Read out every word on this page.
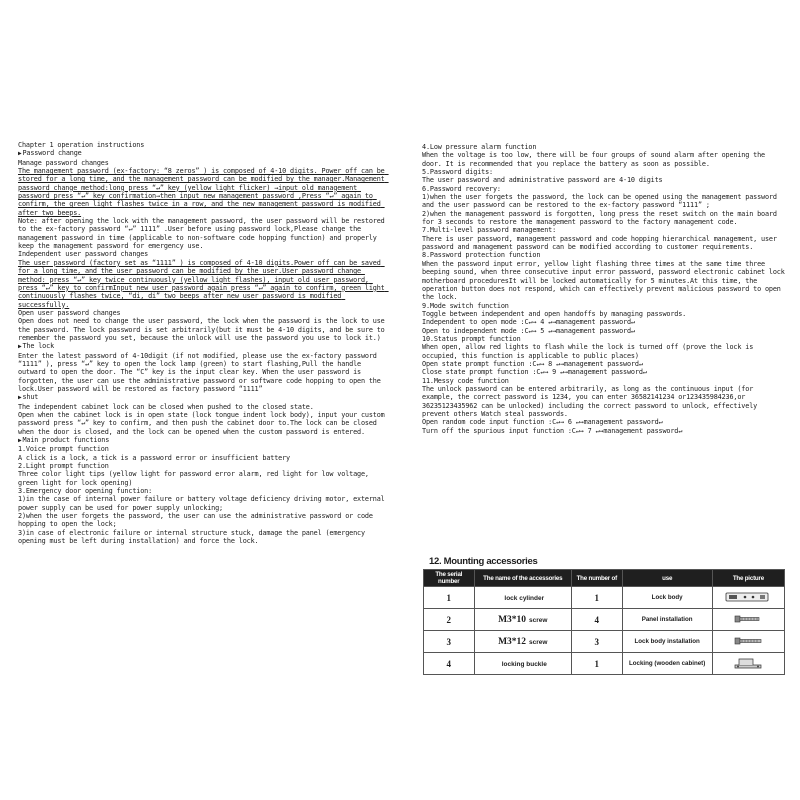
Chapter 1 operation instructions

▶ Password change

Manage password changes

The management password (ex-factory: “8 zeros” ) is composed of 4-10 digits. Power off can be stored for a long time, and the management password can be modified by the manager.Management password change method:long press “↵” key (yellow light flicker) →input old management password press “↵” key confirmation→then input new management password ,Press “↵” again to confirm, the green light flashes twice in a row, and the new management password is modified after two beeps.

Note: after opening the lock with the management password, the user password will be restored to the ex-factory password “↵” 1111” .User before using password lock,Please change the management password in time (applicable to non-software code hopping function) and properly keep the management password for emergency use.

Independent user password changes

The user password (factory set as “1111” ) is composed of 4-10 digits.Power off can be saved for a long time, and the user password can be modified by the user.User password change method: press “↵” key twice continuously (yellow light flashes), input old user password, press “↵” key to confirmInput new user password again press “↵” again to confirm, green light continuously flashes twice, “di, di” two beeps after new user password is modified successfully.

Open user password changes

Open does not need to change the user password, the lock when the password is the lock to use the password. The lock password is set arbitrarily(but it must be 4-10 digits, and be sure to remember the password you set, because the unlock will use the password you use to lock it.)

▶ The lock

Enter the latest password of 4-10digit (if not modified, please use the ex-factory password “1111” ), press “↵” key to open the lock lamp (green) to start flashing,Pull the handle outward to open the door. The “C” key is the input clear key. When the user password is forgotten, the user can use the administrative password or software code hopping to open the lock.User password will be restored as factory password “1111”

▶ shut

The independent cabinet lock can be closed when pushed to the closed state.

Open when the cabinet lock is in open state (lock tongue indent lock body), input your custom password press “↵” key to confirm, and then push the cabinet door to.The lock can be closed when the door is closed, and the lock can be opened when the custom password is entered.

▶ Main product functions

1.Voice prompt function

A click is a lock, a tick is a password error or insufficient battery

2.Light prompt function

Three color light tips (yellow light for password error alarm, red light for low voltage, green light for lock opening)

3.Emergency door opening function:

1)in the case of internal power failure or battery voltage deficiency driving motor, external power supply can be used for power supply unlocking;

2)when the user forgets the password, the user can use the administrative password or code hopping to open the lock;

3)in case of electronic failure or internal structure stuck, damage the panel (emergency opening must be left during installation) and force the lock.

4.Low pressure alarm function

When the voltage is too low, there will be four groups of sound alarm after opening the door. It is recommended that you replace the battery as soon as possible.

5.Password digits:

The user password and administrative password are 4-10 digits

6.Password recovery:

1)when the user forgets the password, the lock can be opened using the management password and the user password can be restored to the ex-factory password “1111” ;

2)when the management password is forgotten, long press the reset switch on the main board for 3 seconds to restore the management password to the factory management code.

7.Multi-level password management:

There is user password, management password and code hopping hierarchical management, user password and management password can be modified according to customer requirements.

8.Password protection function

When the password input error, yellow light flashing three times at the same time three beeping sound, when three consecutive input error password, password electronic cabinet lock motherboard proceduresIt will be locked automatically for 5 minutes.At this time, the operation button does not respond, which can effectively prevent malicious password to open the lock.

9.Mode switch function

Toggle between independent and open handoffs by managing passwords.

Independent to open mode :C↵→ 4 ↵→management password↵

Open to independent mode :C↵→ 5 ↵→management password↵

10.Status prompt function

When open, allow red lights to flash while the lock is turned off (prove the lock is occupied, this function is applicable to public places)

Open state prompt function :C↵→ 8 ↵→management password↵

Close state prompt function :C↵→ 9 ↵→management password↵

11.Messy code function

The unlock password can be entered arbitrarily, as long as the continuous input (for example, the correct password is 1234, you can enter 36582141234 or123435984236,or 36235123435962 can be unlocked) including the correct password to unlock, effectively prevent others Watch steal passwords.

Open random code input function :C↵→ 6 ↵→management password↵

Turn off the spurious input function :C↵→ 7 ↵→management password↵

12. Mounting accessories
The serial number	The name of the accessories	The number of	use	The picture
1	lock cylinder	1	Lock body	
2	M3*10 screw	4	Panel installation	
3	M3*12 screw	3	Lock body installation	
4	locking buckle	1	Locking (wooden cabinet)	
